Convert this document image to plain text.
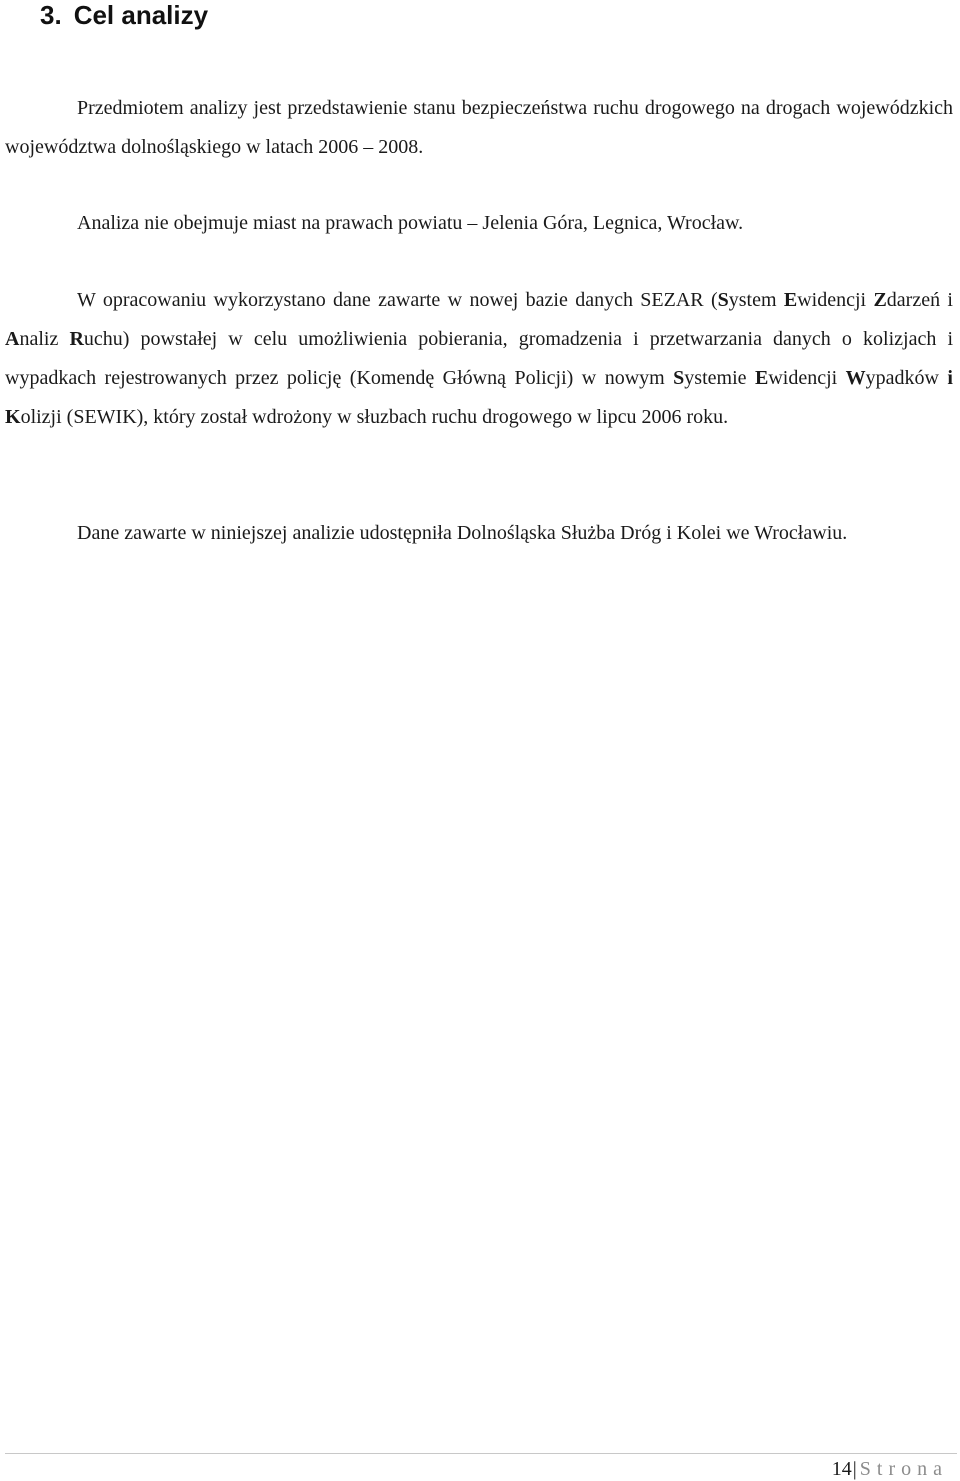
3. Cel analizy

Przedmiotem analizy jest przedstawienie stanu bezpieczeństwa ruchu drogowego na drogach wojewódzkich województwa dolnośląskiego w latach 2006 – 2008.

Analiza nie obejmuje miast na prawach powiatu – Jelenia Góra, Legnica, Wrocław.

W opracowaniu wykorzystano dane zawarte w nowej bazie danych SEZAR (System Ewidencji Zdarzeń i Analiz Ruchu) powstałej w celu umożliwienia pobierania, gromadzenia i przetwarzania danych o kolizjach i wypadkach rejestrowanych przez policję (Komendę Główną Policji) w nowym Systemie Ewidencji Wypadków i Kolizji (SEWIK), który został wdrożony w słuzbach ruchu drogowego w lipcu 2006 roku.

Dane zawarte w niniejszej analizie udostępniła Dolnośląska Służba Dróg i Kolei we Wrocławiu.

14| Strona
